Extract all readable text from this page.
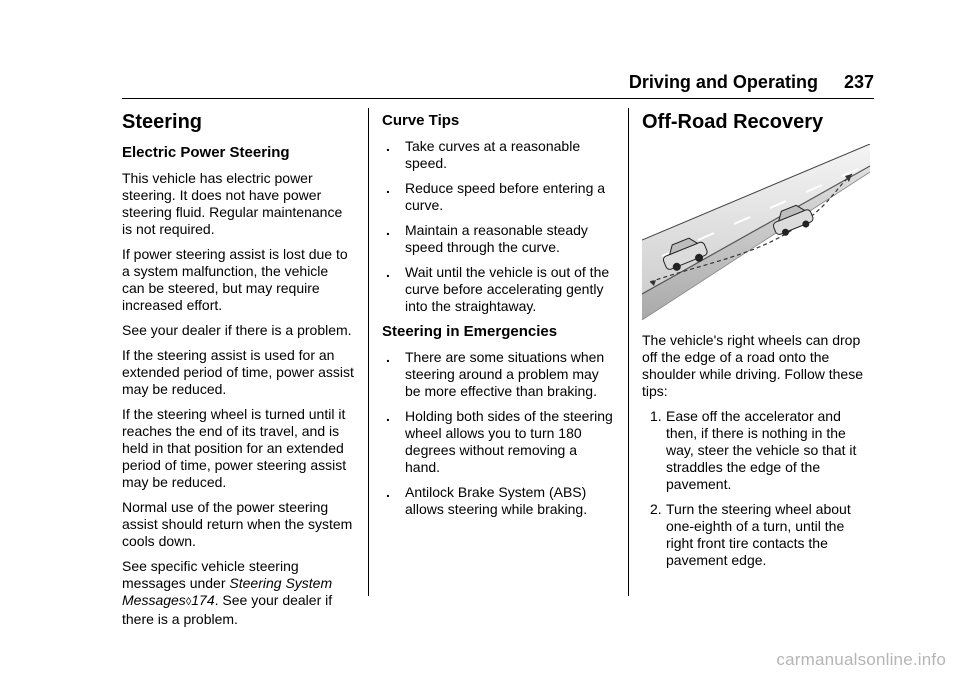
Driving and Operating 237
Steering
Electric Power Steering

This vehicle has electric power steering. It does not have power steering fluid. Regular maintenance is not required.

If power steering assist is lost due to a system malfunction, the vehicle can be steered, but may require increased effort.

See your dealer if there is a problem.

If the steering assist is used for an extended period of time, power assist may be reduced.

If the steering wheel is turned until it reaches the end of its travel, and is held in that position for an extended period of time, power steering assist may be reduced.

Normal use of the power steering assist should return when the system cools down.

See specific vehicle steering messages under Steering System Messages◊174. See your dealer if there is a problem.

Curve Tips
. Take curves at a reasonable speed.
. Reduce speed before entering a curve.
. Maintain a reasonable steady speed through the curve.
. Wait until the vehicle is out of the curve before accelerating gently into the straightaway.
Steering in Emergencies
. There are some situations when steering around a problem may be more effective than braking.
. Holding both sides of the steering wheel allows you to turn 180 degrees without removing a hand.
. Antilock Brake System (ABS) allows steering while braking.
Off-Road Recovery

The vehicle's right wheels can drop off the edge of a road onto the shoulder while driving. Follow these tips:

1. Ease off the accelerator and then, if there is nothing in the way, steer the vehicle so that it straddles the edge of the pavement.
2. Turn the steering wheel about one-eighth of a turn, until the right front tire contacts the pavement edge.
carmanualsonline.info
